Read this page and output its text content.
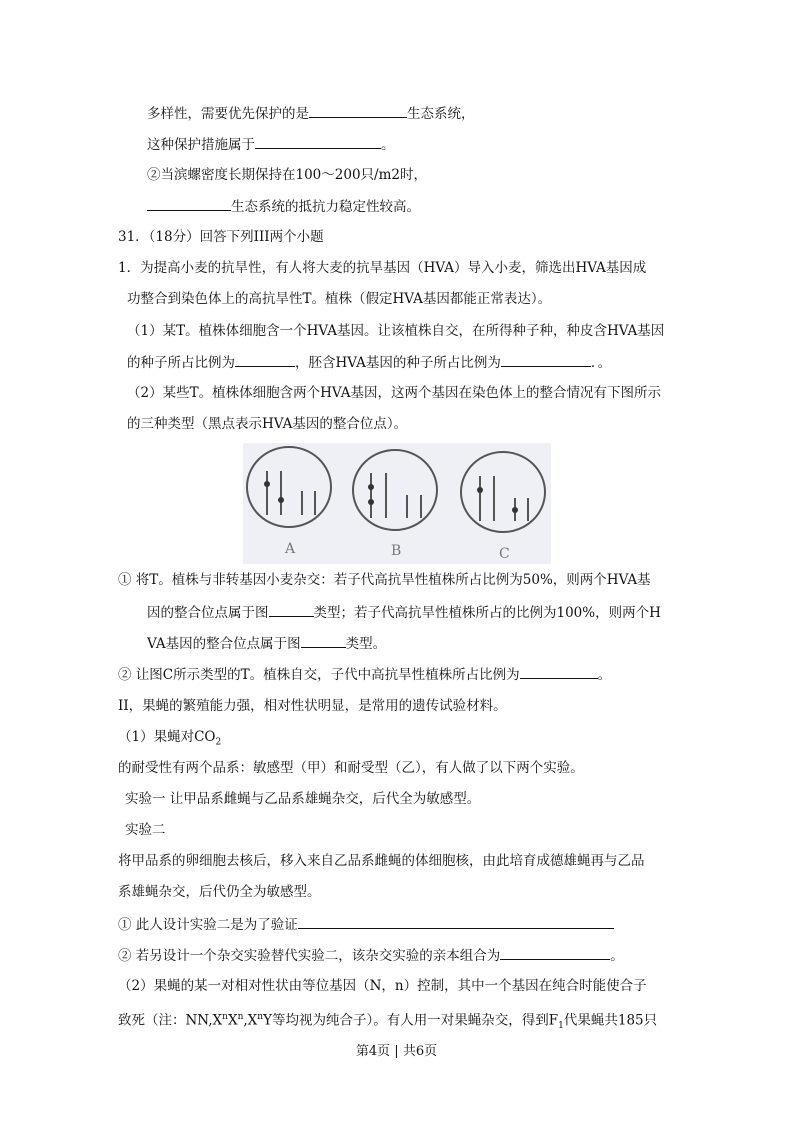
多样性，需要优先保护的是	生态系统，
这种保护措施属于	。
②当滨螺密度长期保持在100～200只/m2时，
生态系统的抵抗力稳定性较高。
31．（18分）回答下列III两个小题
1．为提高小麦的抗旱性，有人将大麦的抗旱基因（HVA）导入小麦，筛选出HVA基因成
功整合到染色体上的高抗旱性T。植株（假定HVA基因都能正常表达）。
（1）某T。植株体细胞含一个HVA基因。让该植株自交，在所得种子种，种皮含HVA基因
的种子所占比例为	，胚含HVA基因的种子所占比例为	．。
（2）某些T。植株体细胞含两个HVA基因，这两个基因在染色体上的整合情况有下图所示
的三种类型（黑点表示HVA基因的整合位点）。
A	B	C
① 将T。植株与非转基因小麦杂交：若子代高抗旱性植株所占比例为50%，则两个HVA基
因的整合位点属于图	类型；若子代高抗旱性植株所占的比例为100%，则两个H
VA基因的整合位点属于图	类型。
② 让图C所示类型的T。植株自交，子代中高抗旱性植株所占比例为	。
II，果蝇的繁殖能力强，相对性状明显，是常用的遗传试验材料。
（1）果蝇对$CO_2$
的耐受性有两个品系：敏感型（甲）和耐受型（乙），有人做了以下两个实验。
实验一 让甲品系雌蝇与乙品系雄蝇杂交，后代全为敏感型。
实验二
将甲品系的卵细胞去核后，移入来自乙品系雌蝇的体细胞核，由此培育成德雄蝇再与乙品
系雄蝇杂交，后代仍全为敏感型。
① 此人设计实验二是为了验证
② 若另设计一个杂交实验替代实验二，该杂交实验的亲本组合为	。
（2）果蝇的某一对相对性状由等位基因（N，n）控制，其中一个基因在纯合时能使合子
致死（注：$NN,X^nX^n,X^nY$等均视为纯合子）。有人用一对果蝇杂交，得到$F_1$代果蝇共185只
第4页 | 共6页
